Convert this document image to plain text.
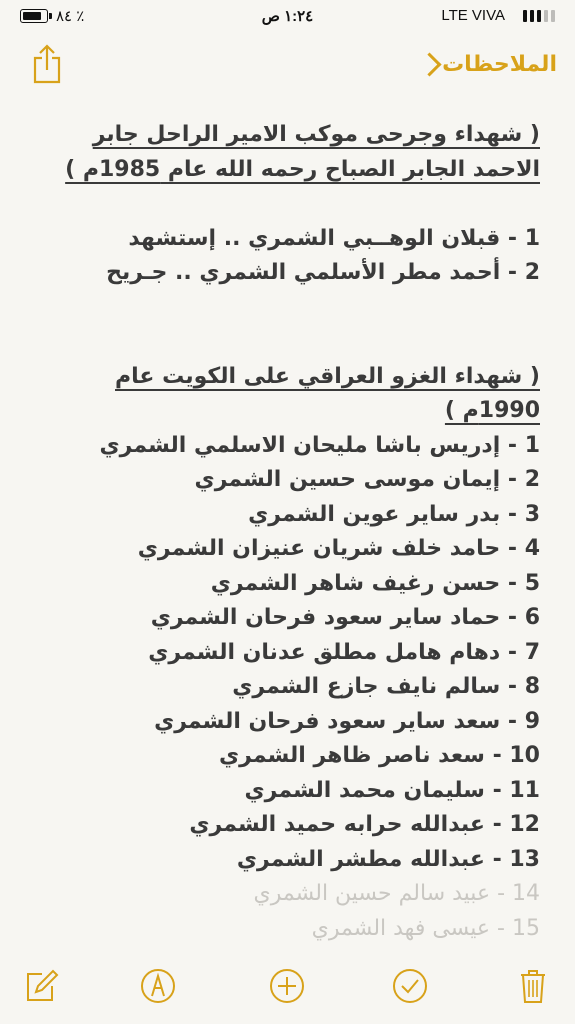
٨٤ ٪	١:٢٤ ص	LTE VIVA
الملاحظات

( شهداء وجرحى موكب الامير الراحل جابر

الاحمد الجابر الصباح رحمه الله عام 1985م )

1 - قبلان الوهــبي الشمري .. إستشهد

2 - أحمد مطر الأسلمي الشمري .. جـريح

( شهداء الغزو العراقي على الكويت عام

1990م )

1 - إدريس باشا مليحان الاسلمي الشمري

2 - إيمان موسى حسين الشمري

3 - بدر ساير عوين الشمري

4 - حامد خلف شريان عنيزان الشمري

5 - حسن رغيف شاهر الشمري

6 - حماد ساير سعود فرحان الشمري

7 - دهام هامل مطلق عدنان الشمري

8 - سالم نايف جازع الشمري

9 - سعد ساير سعود فرحان الشمري

10 - سعد ناصر ظاهر الشمري

11 - سليمان محمد الشمري

12 - عبدالله حرابه حميد الشمري

13 - عبدالله مطشر الشمري

14 - عبيد سالم حسين الشمري

15 - عيسى فهد الشمري
